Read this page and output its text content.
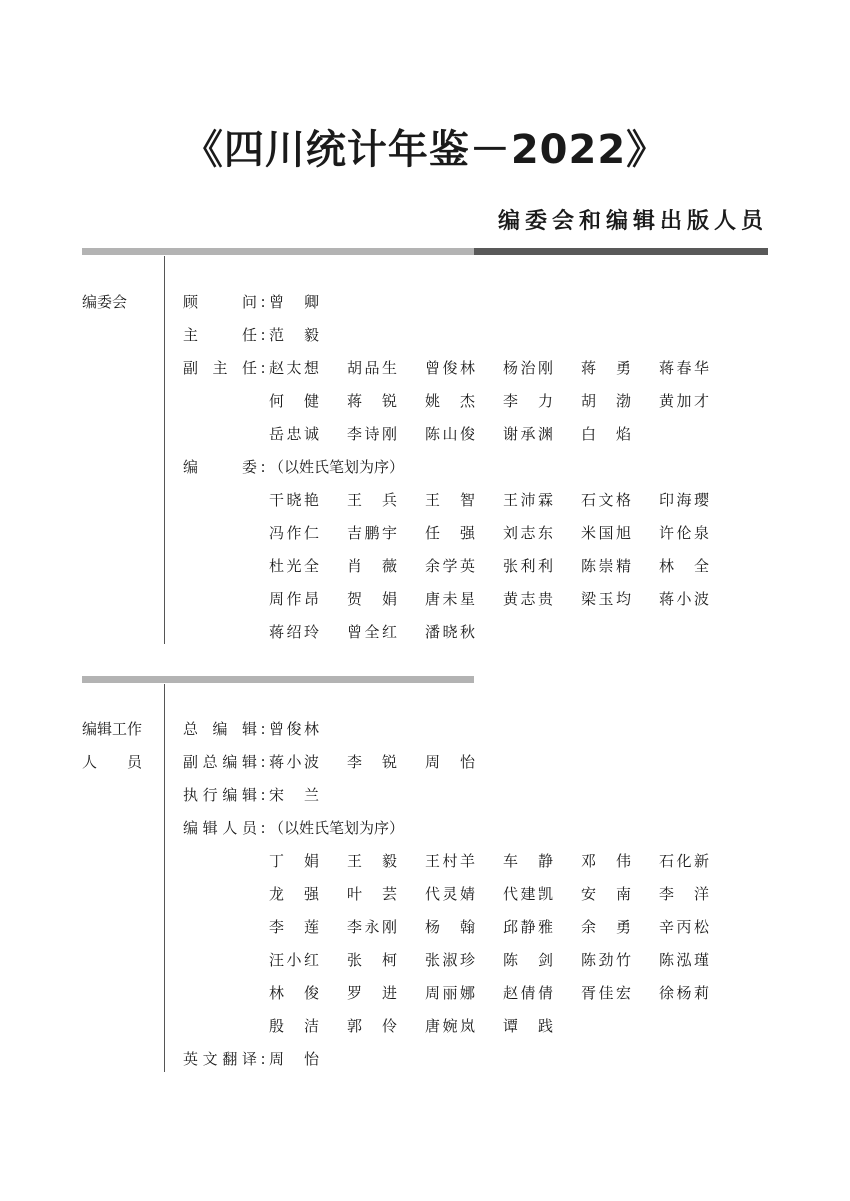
《四川统计年鉴－2022》
编委会和编辑出版人员
编委会	顾　问 : 曾　卿
主　任 : 范　毅
副 主 任 : 赵太想 胡品生 曾俊林 杨治刚 蒋　勇 蒋春华
何　健 蒋　锐 姚　杰 李　力 胡　渤 黄加才
岳忠诚 李诗刚 陈山俊 谢承渊 白　焰
编　委 : （以姓氏笔划为序）
干晓艳 王　兵 王　智 王沛霖 石文格 印海璎
冯作仁 吉鹏宇 任　强 刘志东 米国旭 许伦泉
杜光全 肖　薇 余学英 张利利 陈崇精 林　全
周作昂 贺　娟 唐未星 黄志贵 梁玉均 蒋小波
蒋绍玲 曾全红 潘晓秋
编辑工作
人　　员
总 编 辑 : 曾俊林
副总编辑 : 蒋小波 李　锐 周　怡
执行编辑 : 宋　兰
编辑人员 : （以姓氏笔划为序）
丁　娟 王　毅 王村羊 车　静 邓　伟 石化新
龙　强 叶　芸 代灵婧 代建凯 安　南 李　洋
李　莲 李永刚 杨　翰 邱静雅 余　勇 辛丙松
汪小红 张　柯 张淑珍 陈　剑 陈劲竹 陈泓瑾
林　俊 罗　进 周丽娜 赵倩倩 胥佳宏 徐杨莉
殷　洁 郭　伶 唐婉岚 谭　践
英文翻译 : 周　怡
